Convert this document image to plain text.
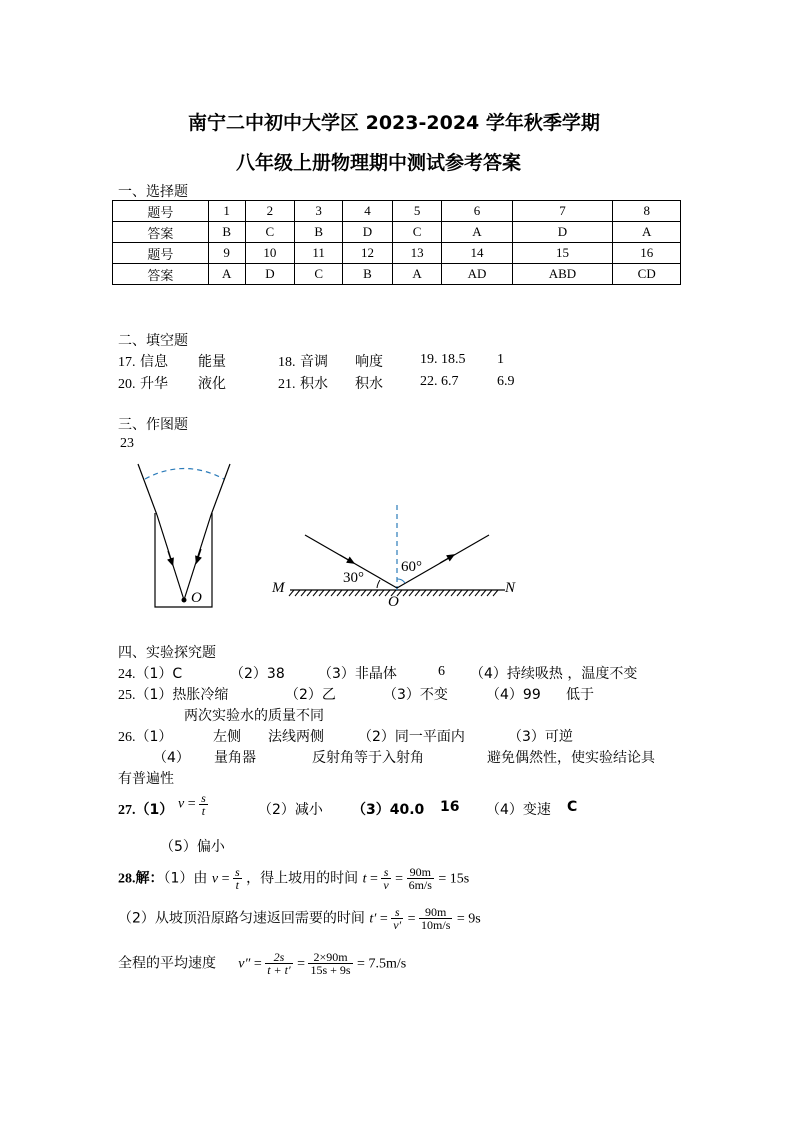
南宁二中初中大学区 2023-2024 学年秋季学期
八年级上册物理期中测试参考答案
一、选择题
题号	1	2	3	4	5	6	7	8
答案	B	C	B	D	C	A	D	A
题号	9	10	11	12	13	14	15	16
答案	A	D	C	B	A	AD	ABD	CD
二、填空题
17. 信息 能量	18. 音调 响度	19. 18.5 1
20. 升华 液化	21. 积水 积水	22. 6.7	6.9
三、作图题
23
O
M	N
O
30°
60°
四、实验探究题
24.（1）C	（2）38 （3）非晶体	6 （4）持续吸热 ，温度不变
25.（1）热胀冷缩	（2）乙	（3）不变	（4）99 低于
两次实验水的质量不同
26.（1）	左侧 法线两侧 （2）同一平面内	（3）可逆
（4） 量角器	反射角等于入射角	避免偶然性，使实验结论具
有普遍性
27.（1） $v = \frac{s}{t}$	（2）减小 （3）40.0 16 （4）变速 C
（5）偏小
28.解：（1）由 $v = \frac{s}{t}$ ，得上坡用的时间 $t = \frac{s}{v} = \frac{90m}{6m/s} = 15s$
（2）从坡顶沿原路匀速返回需要的时间 $t' = \frac{s}{v'} = \frac{90m}{10m/s} = 9s$
全程的平均速度 $v'' = \frac{2s}{t + t'} = \frac{2\times 90m}{15s + 9s} = 7.5m/s$
